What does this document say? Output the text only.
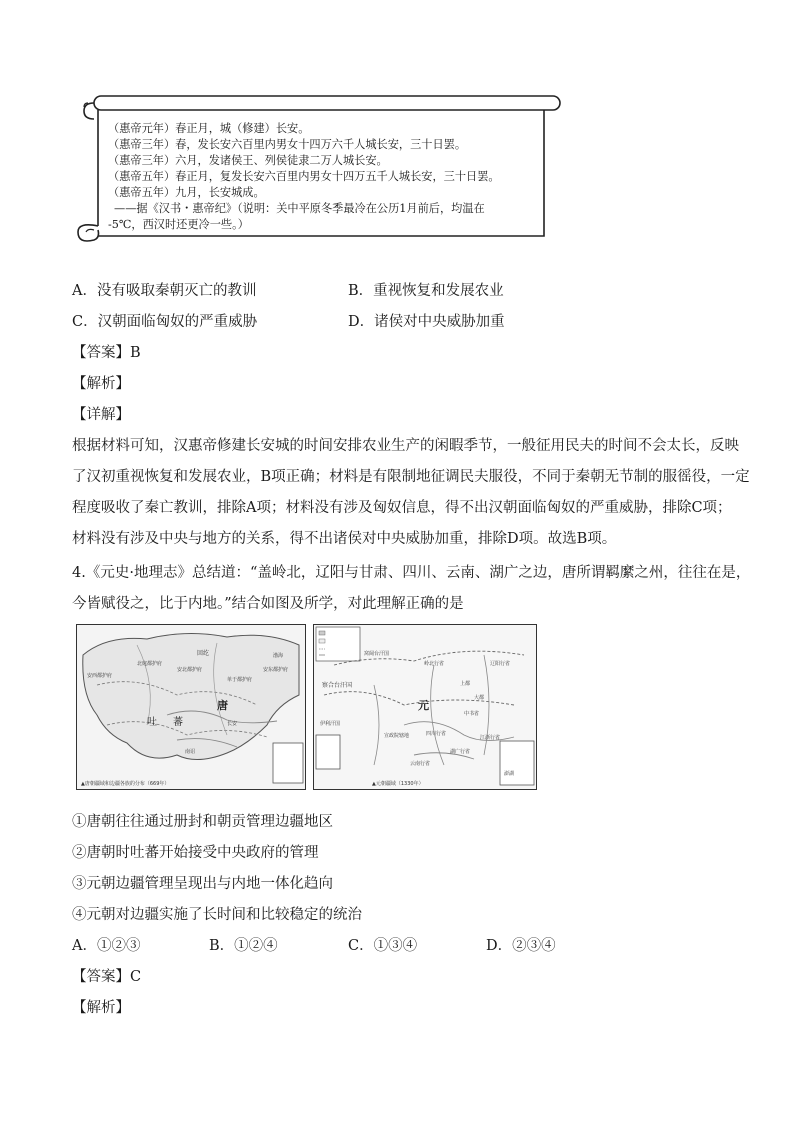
（惠帝元年）春正月，城（修建）长安。
（惠帝三年）春，发长安六百里内男女十四万六千人城长安，三十日罢。
（惠帝三年）六月，发诸侯王、列侯徒隶二万人城长安。
（惠帝五年）春正月，复发长安六百里内男女十四万五千人城长安，三十日罢。
（惠帝五年）九月，长安城成。
——据《汉书・惠帝纪》（说明：关中平原冬季最冷在公历1月前后，均温在
-5℃，西汉时还更冷一些。）
A．没有吸取秦朝灭亡的教训	B．重视恢复和发展农业
C．汉朝面临匈奴的严重威胁	D．诸侯对中央威胁加重
【答案】B
【解析】
【详解】
根据材料可知，汉惠帝修建长安城的时间安排农业生产的闲暇季节，一般征用民夫的时间不会太长，反映
了汉初重视恢复和发展农业，B项正确；材料是有限制地征调民夫服役，不同于秦朝无节制的服徭役，一定
程度吸收了秦亡教训，排除A项；材料没有涉及匈奴信息，得不出汉朝面临匈奴的严重威胁，排除C项；
材料没有涉及中央与地方的关系，得不出诸侯对中央威胁加重，排除D项。故选B项。
4.《元史·地理志》总结道：“盖岭北，辽阳与甘肃、四川、云南、湖广之边，唐所谓羁縻之州，往往在是，
今皆赋役之，比于内地。”结合如图及所学，对此理解正确的是
▲唐朝疆域和边疆各族的分布（669年）
唐
吐 蕃
回纥
安西都护府
北庭都护府
安北都护府
单于都护府
安东都护府
渤海
南诏
长安
▲元朝疆域（1330年）
元
岭北行省
察合台汗国
伊利汗国
窝阔台汗国
辽阳行省
中书省
大都
上都
宣政院辖地
云南行省
湖广行省
江浙行省
四川行省
澎湖
①唐朝往往通过册封和朝贡管理边疆地区
②唐朝时吐蕃开始接受中央政府的管理
③元朝边疆管理呈现出与内地一体化趋向
④元朝对边疆实施了长时间和比较稳定的统治
A．①②③	B．①②④	C．①③④	D．②③④
【答案】C
【解析】
